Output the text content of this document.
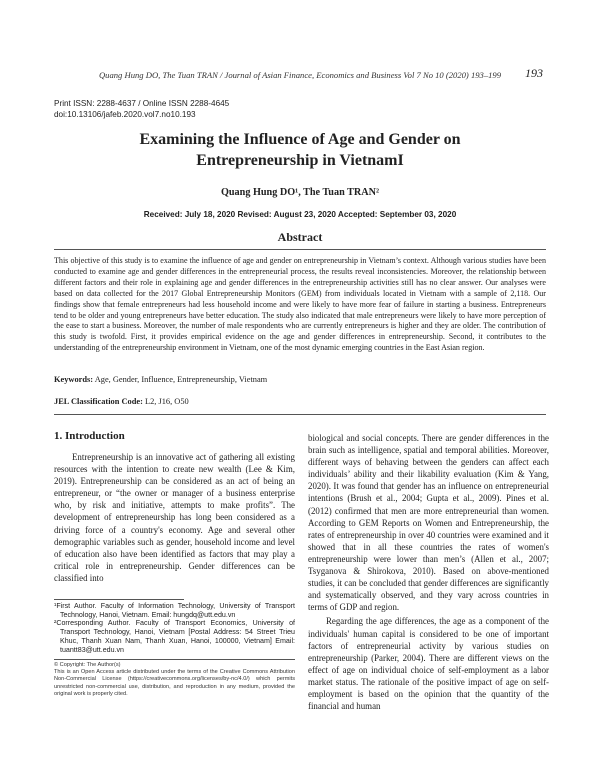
Quang Hung DO, The Tuan TRAN / Journal of Asian Finance, Economics and Business Vol 7 No 10 (2020) 193–199	193
Print ISSN: 2288-4637 / Online ISSN 2288-4645
doi:10.13106/jafeb.2020.vol7.no10.193
Examining the Influence of Age and Gender on
Entrepreneurship in VietnamI
Quang Hung DO¹, The Tuan TRAN²
Received: July 18, 2020 Revised: August 23, 2020 Accepted: September 03, 2020
Abstract
This objective of this study is to examine the influence of age and gender on entrepreneurship in Vietnam’s context. Although various studies have been conducted to examine age and gender differences in the entrepreneurial process, the results reveal inconsistencies. Moreover, the relationship between different factors and their role in explaining age and gender differences in the entrepreneurship activities still has no clear answer. Our analyses were based on data collected for the 2017 Global Entrepreneurship Monitors (GEM) from individuals located in Vietnam with a sample of 2,118. Our findings show that female entrepreneurs had less household income and were likely to have more fear of failure in starting a business. Entrepreneurs tend to be older and young entrepreneurs have better education. The study also indicated that male entrepreneurs were likely to have more perception of the ease to start a business. Moreover, the number of male respondents who are currently entrepreneurs is higher and they are older. The contribution of this study is twofold. First, it provides empirical evidence on the age and gender differences in entrepreneurship. Second, it contributes to the understanding of the entrepreneurship environment in Vietnam, one of the most dynamic emerging countries in the East Asian region.
Keywords: Age, Gender, Influence, Entrepreneurship, Vietnam
JEL Classification Code: L2, J16, O50
1. Introduction

Entrepreneurship is an innovative act of gathering all existing resources with the intention to create new wealth (Lee & Kim, 2019). Entrepreneurship can be considered as an act of being an entrepreneur, or “the owner or manager of a business enterprise who, by risk and initiative, attempts to make profits”. The development of entrepreneurship has long been considered as a driving force of a country's economy. Age and several other demographic variables such as gender, household income and level of education also have been identified as factors that may play a critical role in entrepreneurship. Gender differences can be classified into

biological and social concepts. There are gender differences in the brain such as intelligence, spatial and temporal abilities. Moreover, different ways of behaving between the genders can affect each individuals’ ability and their likability evaluation (Kim & Yang, 2020). It was found that gender has an influence on entrepreneurial intentions (Brush et al., 2004; Gupta et al., 2009). Pines et al. (2012) confirmed that men are more entrepreneurial than women. According to GEM Reports on Women and Entrepreneurship, the rates of entrepreneurship in over 40 countries were examined and it showed that in all these countries the rates of women's entrepreneurship were lower than men’s (Allen et al., 2007; Tsyganova & Shirokova, 2010). Based on above-mentioned studies, it can be concluded that gender differences are significantly and systematically observed, and they vary across countries in terms of GDP and region.

Regarding the age differences, the age as a component of the individuals' human capital is considered to be one of important factors of entrepreneurial activity by various studies on entrepreneurship (Parker, 2004). There are different views on the effect of age on individual choice of self-employment as a labor market status. The rationale of the positive impact of age on self-employment is based on the opinion that the quantity of the financial and human

¹First Author. Faculty of Information Technology, University of Transport Technology, Hanoi, Vietnam. Email: hungdq@utt.edu.vn

²Corresponding Author. Faculty of Transport Economics, University of Transport Technology, Hanoi, Vietnam [Postal Address: 54 Street Trieu Khuc, Thanh Xuan Nam, Thanh Xuan, Hanoi, 100000, Vietnam] Email: tuantt83@utt.edu.vn

© Copyright: The Author(s)
This is an Open Access article distributed under the terms of the Creative Commons Attribution Non-Commercial License (https://creativecommons.org/licenses/by-nc/4.0/) which permits unrestricted non-commercial use, distribution, and reproduction in any medium, provided the original work is properly cited.
